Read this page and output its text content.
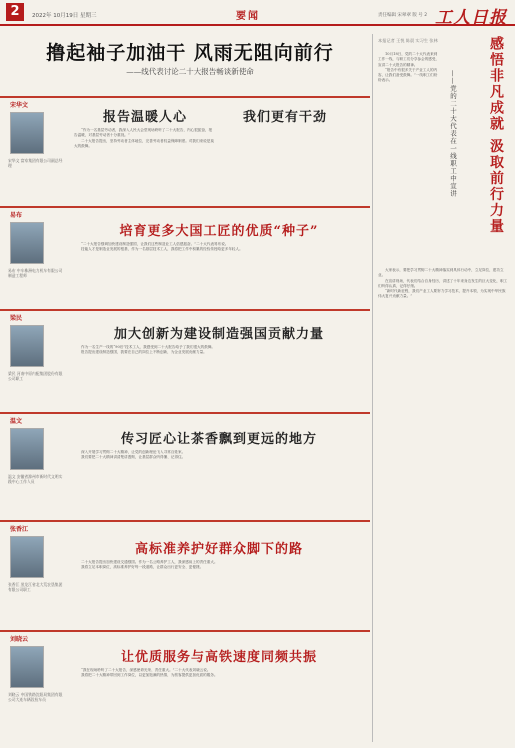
2	2022年 10月19日 星期三	要闻	责任编辑 宋翠翠 版 号 2 工人日报
撸起袖子加油干 风雨无阻向前行
——线代表讨论二十大报告畅谈新使命
宋华文
宋华文 富家集团有限公司副总经理
报告温暖人心	我们更有干劲
“作为一名基层劳动者，我深入人民大会堂现场聆听了二十大报告，内心很振奋，报告温暖，对基层劳动者十分重视。”
二十大报告提出，坚持劳动者主体地位，完善劳动者权益保障制度。对我们来说是莫大的鼓舞。
易布
易布 中车株洲电力机车有限公司制造工程师
培育更多大国工匠的优质“种子”
“二十大报告强调加快建设制造强国，让我们这些制造业工人倍感振奋。”二十大代表易布说。
技能人才是制造业发展的根基，作为一名基层技术工人，我将把工作中积累的经验传授给更多年轻人。
梁民
梁民 河南中原内配集团股份有限公司职工
加大创新为建设制造强国贡献力量
作为一名生产一线的“90后”技术工人，我感受到二十大报告给予了我们很大的鼓舞。
报告提出建设制造强国，我要在自己的岗位上不断创新，为企业发展贡献力量。
温文
温文 安徽省滁州市新时代文明实践中心工作人员
传习匠心让茶香飘到更远的地方
深入开展学习贯彻二十大精神，让党的创新理论飞入寻常百姓家。
我们要把二十大精神讲清楚讲透彻，让基层群众听得懂、记得住。
张香江
张香江 黑龙江省北大荒农垦集团有限公司职工
高标准养护好群众脚下的路
二十大报告提出加快建设交通强国。作为一名公路养护工人，我深感肩上的责任重大。
我将立足本职岗位，高标准养护好每一段道路，让群众出行更安全、更便捷。
刘晓云
刘晓云 中国铁路沈阳局集团有限公司大连车辆段检车员
让优质服务与高铁速度同频共振
“我在现场聆听了二十大报告，深感使命光荣、责任重大。”二十大代表刘晓云说。
我将把二十大精神带回到工作岗位，以更加饱满的热情，为旅客提供更加优质的服务。
感悟非凡成就 汲取前行力量
——党的二十大代表在一线职工中宣讲
本报记者 王悦 陈晨 实习生 张林
10月18日，党的二十大代表来到工作一线，与职工们分享参会的感受，宣讲二十大报告的精神。
“报告中有很多关于产业工人的内容，让我们备受鼓舞。”一线职工们纷纷表示。
大家表示，要把学习贯彻二十大精神落实到具体行动中，立足岗位，建功立业。
在宣讲现场，代表们结合自身经历，讲述了十年来身边发生的巨大变化，职工们听得认真，记得仔细。
“新时代新征程，我们产业工人要努力学习技术，提升本领，为实现中华民族伟大复兴贡献力量。”
